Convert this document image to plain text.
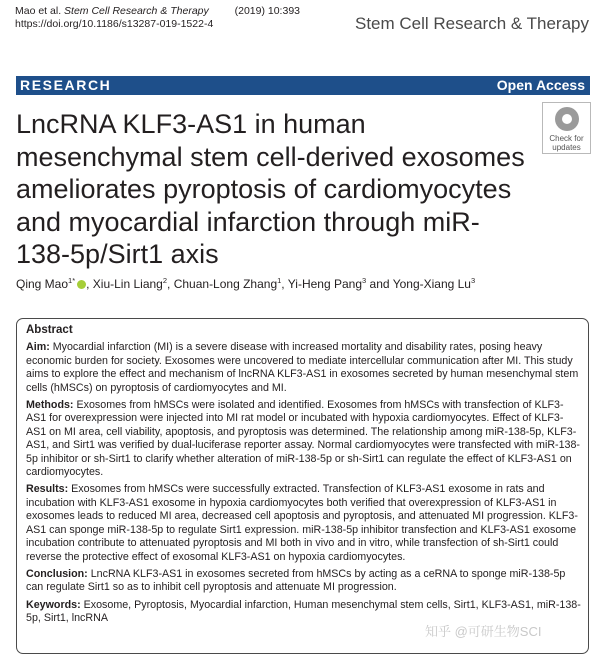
Mao et al. Stem Cell Research & Therapy (2019) 10:393
https://doi.org/10.1186/s13287-019-1522-4	Stem Cell Research & Therapy
RESEARCH	Open Access
LncRNA KLF3-AS1 in human mesenchymal stem cell-derived exosomes ameliorates pyroptosis of cardiomyocytes and myocardial infarction through miR-138-5p/Sirt1 axis
Check for
updates
Qing Mao$^{1*}$ , Xiu-Lin Liang$^2$, Chuan-Long Zhang$^1$, Yi-Heng Pang$^3$ and Yong-Xiang Lu$^3$
Abstract

Aim: Myocardial infarction (MI) is a severe disease with increased mortality and disability rates, posing heavy economic burden for society. Exosomes were uncovered to mediate intercellular communication after MI. This study aims to explore the effect and mechanism of lncRNA KLF3-AS1 in exosomes secreted by human mesenchymal stem cells (hMSCs) on pyroptosis of cardiomyocytes and MI.

Methods: Exosomes from hMSCs were isolated and identified. Exosomes from hMSCs with transfection of KLF3-AS1 for overexpression were injected into MI rat model or incubated with hypoxia cardiomyocytes. Effect of KLF3-AS1 on MI area, cell viability, apoptosis, and pyroptosis was determined. The relationship among miR-138-5p, KLF3-AS1, and Sirt1 was verified by dual-luciferase reporter assay. Normal cardiomyocytes were transfected with miR-138-5p inhibitor or sh-Sirt1 to clarify whether alteration of miR-138-5p or sh-Sirt1 can regulate the effect of KLF3-AS1 on cardiomyocytes.

Results: Exosomes from hMSCs were successfully extracted. Transfection of KLF3-AS1 exosome in rats and incubation with KLF3-AS1 exosome in hypoxia cardiomyocytes both verified that overexpression of KLF3-AS1 in exosomes leads to reduced MI area, decreased cell apoptosis and pyroptosis, and attenuated MI progression. KLF3-AS1 can sponge miR-138-5p to regulate Sirt1 expression. miR-138-5p inhibitor transfection and KLF3-AS1 exosome incubation contribute to attenuated pyroptosis and MI both in vivo and in vitro, while transfection of sh-Sirt1 could reverse the protective effect of exosomal KLF3-AS1 on hypoxia cardiomyocytes.

Conclusion: LncRNA KLF3-AS1 in exosomes secreted from hMSCs by acting as a ceRNA to sponge miR-138-5p can regulate Sirt1 so as to inhibit cell pyroptosis and attenuate MI progression.

Keywords: Exosome, Pyroptosis, Myocardial infarction, Human mesenchymal stem cells, Sirt1, KLF3-AS1, miR-138-5p, Sirt1, lncRNA

知乎 @可研生物SCI
